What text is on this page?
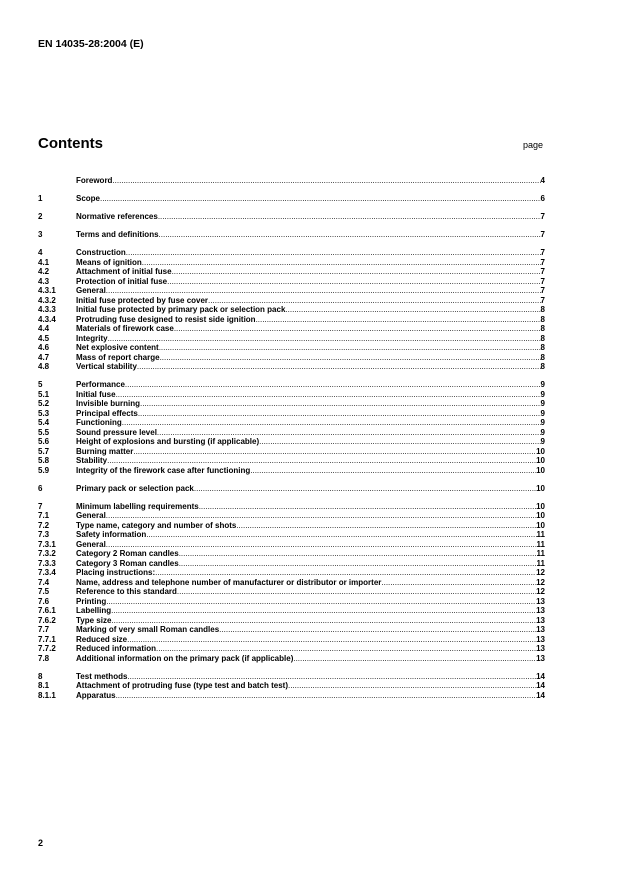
EN 14035-28:2004 (E)
Contents	page
Foreword .....	4
1	Scope .....	6
2	Normative references .....	7
3	Terms and definitions .....	7
4	Construction .....	7
4.1	Means of ignition .....	7
4.2	Attachment of initial fuse .....	7
4.3	Protection of initial fuse .....	7
4.3.1	General .....	7
4.3.2	Initial fuse protected by fuse cover .....	7
4.3.3	Initial fuse protected by primary pack or selection pack .....	8
4.3.4	Protruding fuse designed to resist side ignition .....	8
4.4	Materials of firework case .....	8
4.5	Integrity .....	8
4.6	Net explosive content .....	8
4.7	Mass of report charge .....	8
4.8	Vertical stability .....	8
5	Performance .....	9
5.1	Initial fuse .....	9
5.2	Invisible burning .....	9
5.3	Principal effects .....	9
5.4	Functioning .....	9
5.5	Sound pressure level .....	9
5.6	Height of explosions and bursting (if applicable) .....	9
5.7	Burning matter .....	10
5.8	Stability .....	10
5.9	Integrity of the firework case after functioning .....	10
6	Primary pack or selection pack .....	10
7	Minimum labelling requirements .....	10
7.1	General .....	10
7.2	Type name, category and number of shots .....	10
7.3	Safety information .....	11
7.3.1	General .....	11
7.3.2	Category 2 Roman candles .....	11
7.3.3	Category 3 Roman candles .....	11
7.3.4	Placing instructions: .....	12
7.4	Name, address and telephone number of manufacturer or distributor or importer .....	12
7.5	Reference to this standard .....	12
7.6	Printing .....	13
7.6.1	Labelling .....	13
7.6.2	Type size .....	13
7.7	Marking of very small Roman candles .....	13
7.7.1	Reduced size .....	13
7.7.2	Reduced information .....	13
7.8	Additional information on the primary pack (if applicable) .....	13
8	Test methods .....	14
8.1	Attachment of protruding fuse (type test and batch test) .....	14
8.1.1	Apparatus .....	14
2
